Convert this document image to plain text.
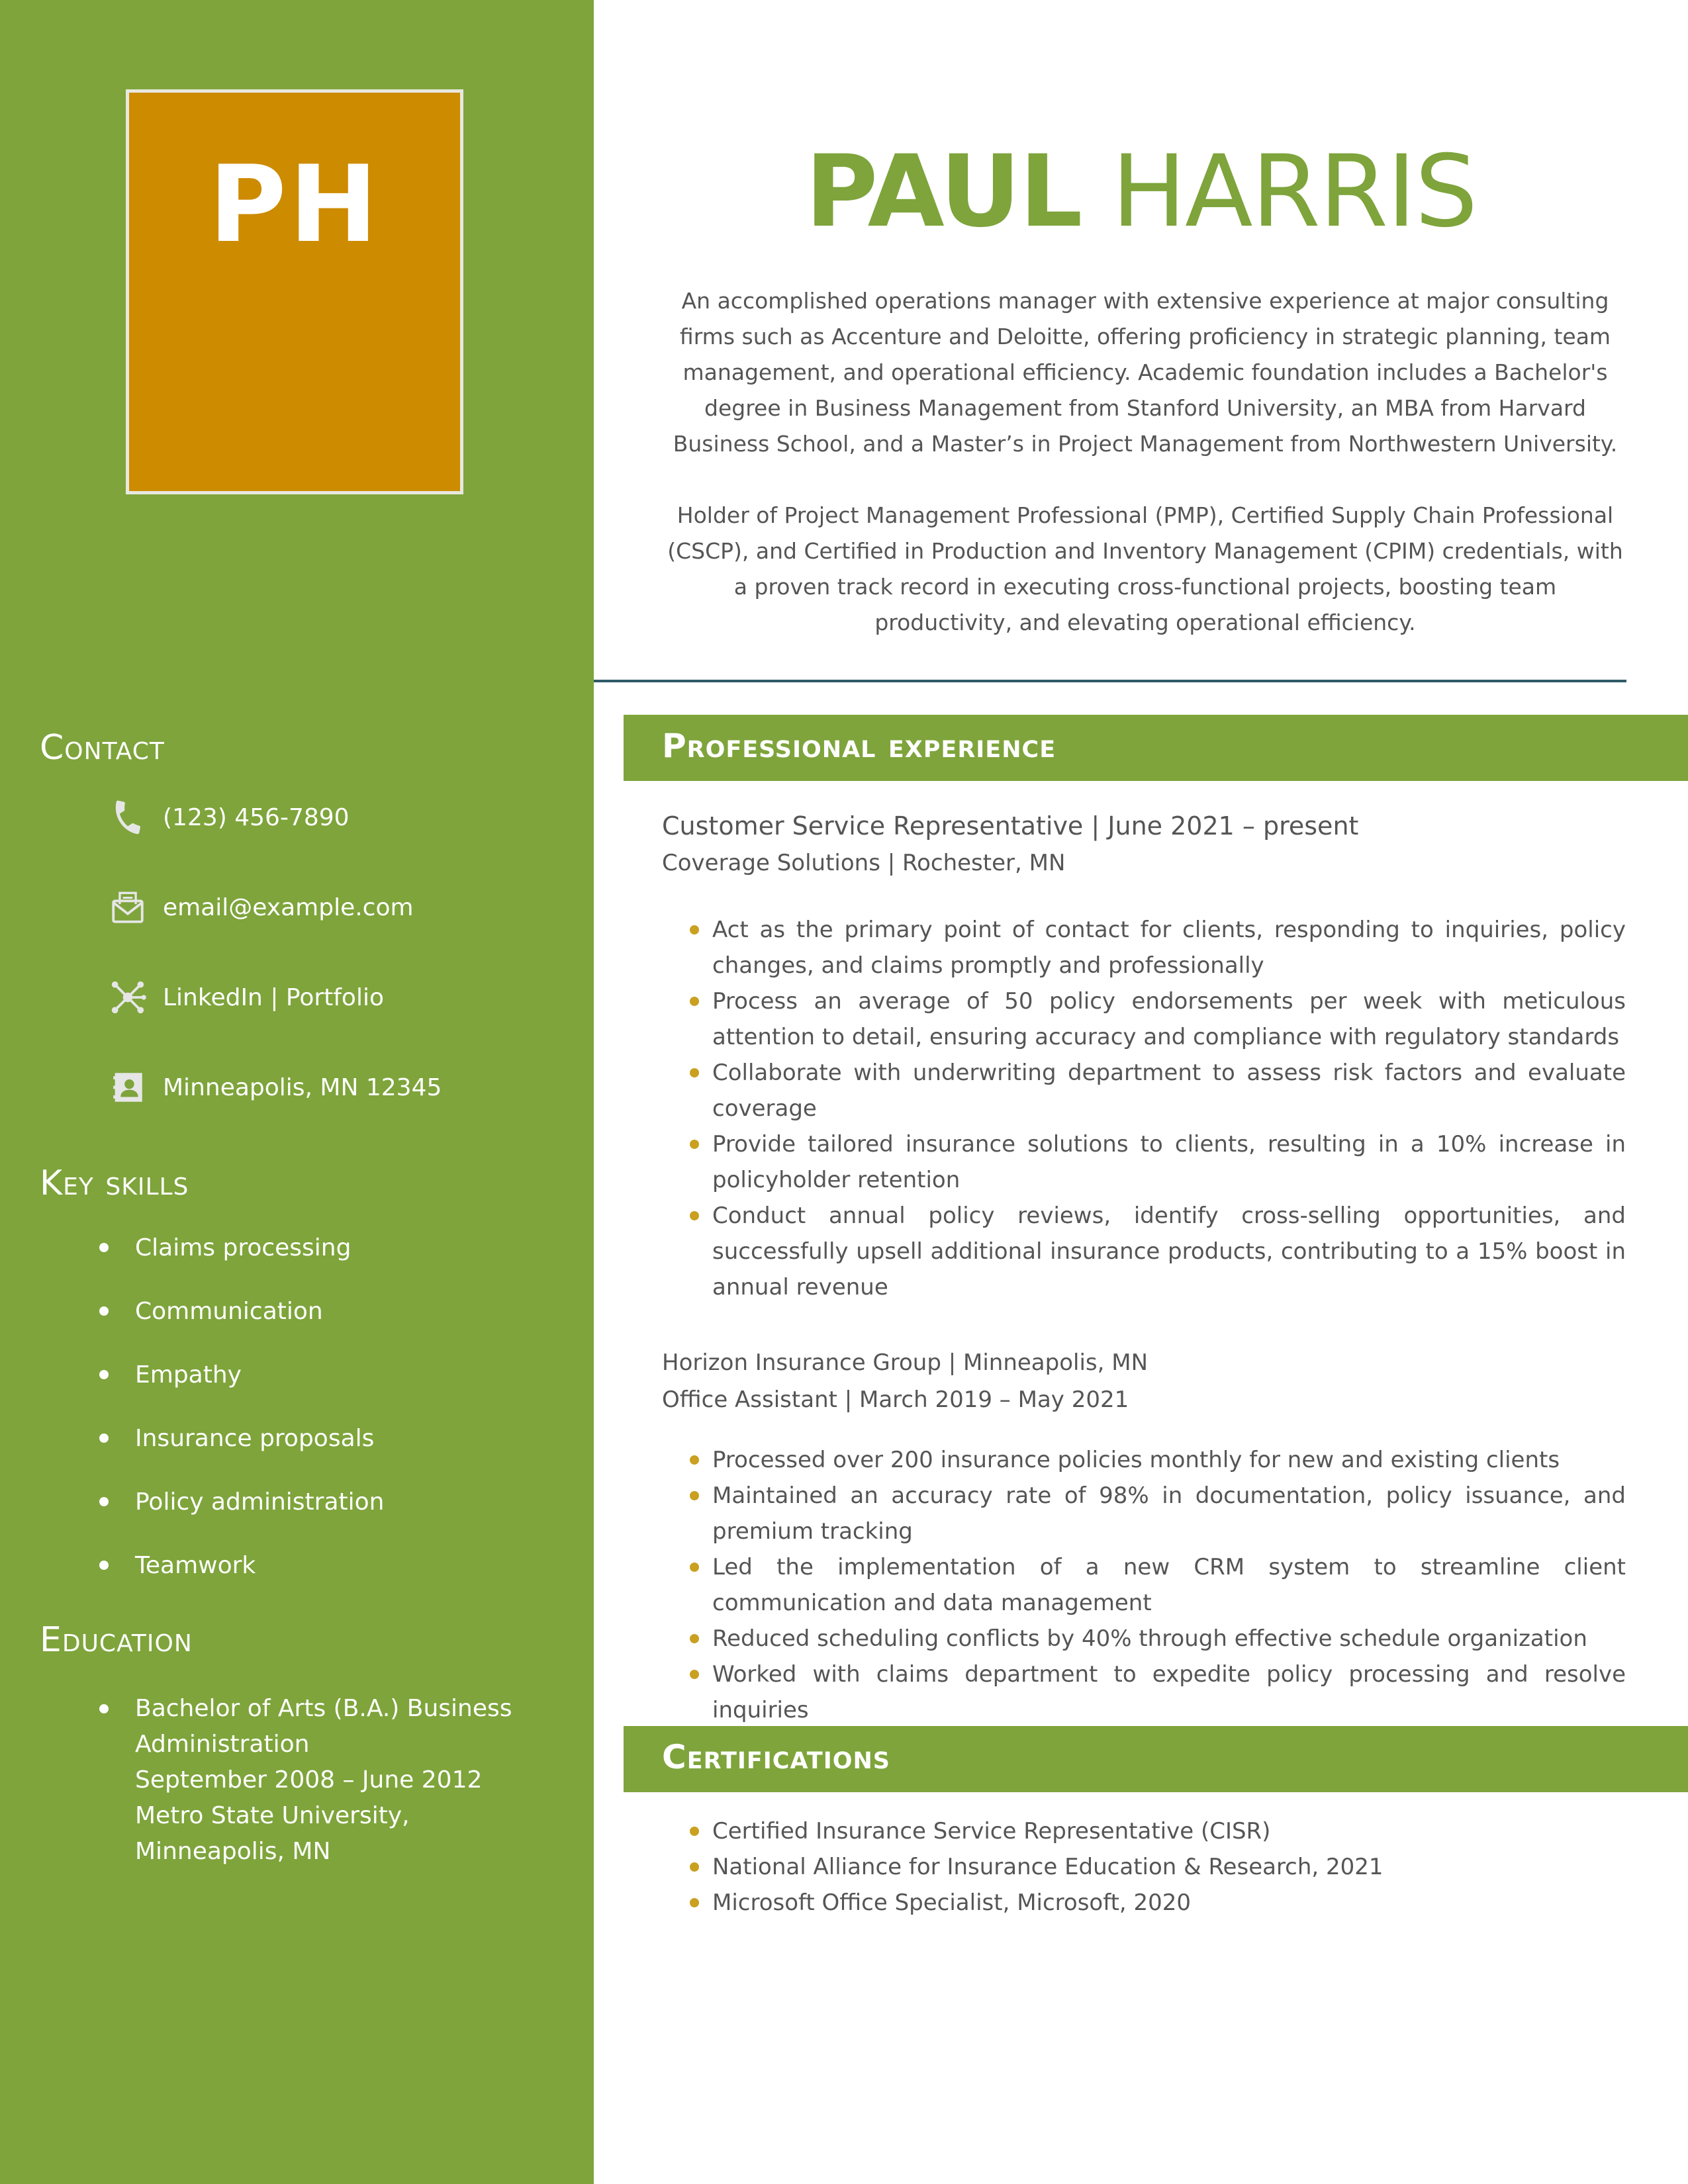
PH
Contact
(123) 456-7890
email@example.com
LinkedIn | Portfolio
Minneapolis, MN 12345
Key skills
Claims processing
Communication
Empathy
Insurance proposals
Policy administration
Teamwork
Education
Bachelor of Arts (B.A.) Business
Administration
September 2008 – June 2012
Metro State University,
Minneapolis, MN
PAUL HARRIS

An accomplished operations manager with extensive experience at major consulting firms such as Accenture and Deloitte, offering proficiency in strategic planning, team management, and operational efficiency. Academic foundation includes a Bachelor's degree in Business Management from Stanford University, an MBA from Harvard Business School, and a Master’s in Project Management from Northwestern University.

Holder of Project Management Professional (PMP), Certified Supply Chain Professional (CSCP), and Certified in Production and Inventory Management (CPIM) credentials, with a proven track record in executing cross-functional projects, boosting team productivity, and elevating operational efficiency.

Professional experience
Customer Service Representative | June 2021 – present
Coverage Solutions | Rochester, MN
Act as the primary point of contact for clients, responding to inquiries, policy changes, and claims promptly and professionally
Process an average of 50 policy endorsements per week with meticulous attention to detail, ensuring accuracy and compliance with regulatory standards
Collaborate with underwriting department to assess risk factors and evaluate coverage
Provide tailored insurance solutions to clients, resulting in a 10% increase in policyholder retention
Conduct annual policy reviews, identify cross-selling opportunities, and successfully upsell additional insurance products, contributing to a 15% boost in annual revenue
Horizon Insurance Group | Minneapolis, MN
Office Assistant | March 2019 – May 2021
Processed over 200 insurance policies monthly for new and existing clients
Maintained an accuracy rate of 98% in documentation, policy issuance, and premium tracking
Led the implementation of a new CRM system to streamline client communication and data management
Reduced scheduling conflicts by 40% through effective schedule organization
Worked with claims department to expedite policy processing and resolve inquiries
Certifications
Certified Insurance Service Representative (CISR)
National Alliance for Insurance Education & Research, 2021
Microsoft Office Specialist, Microsoft, 2020
